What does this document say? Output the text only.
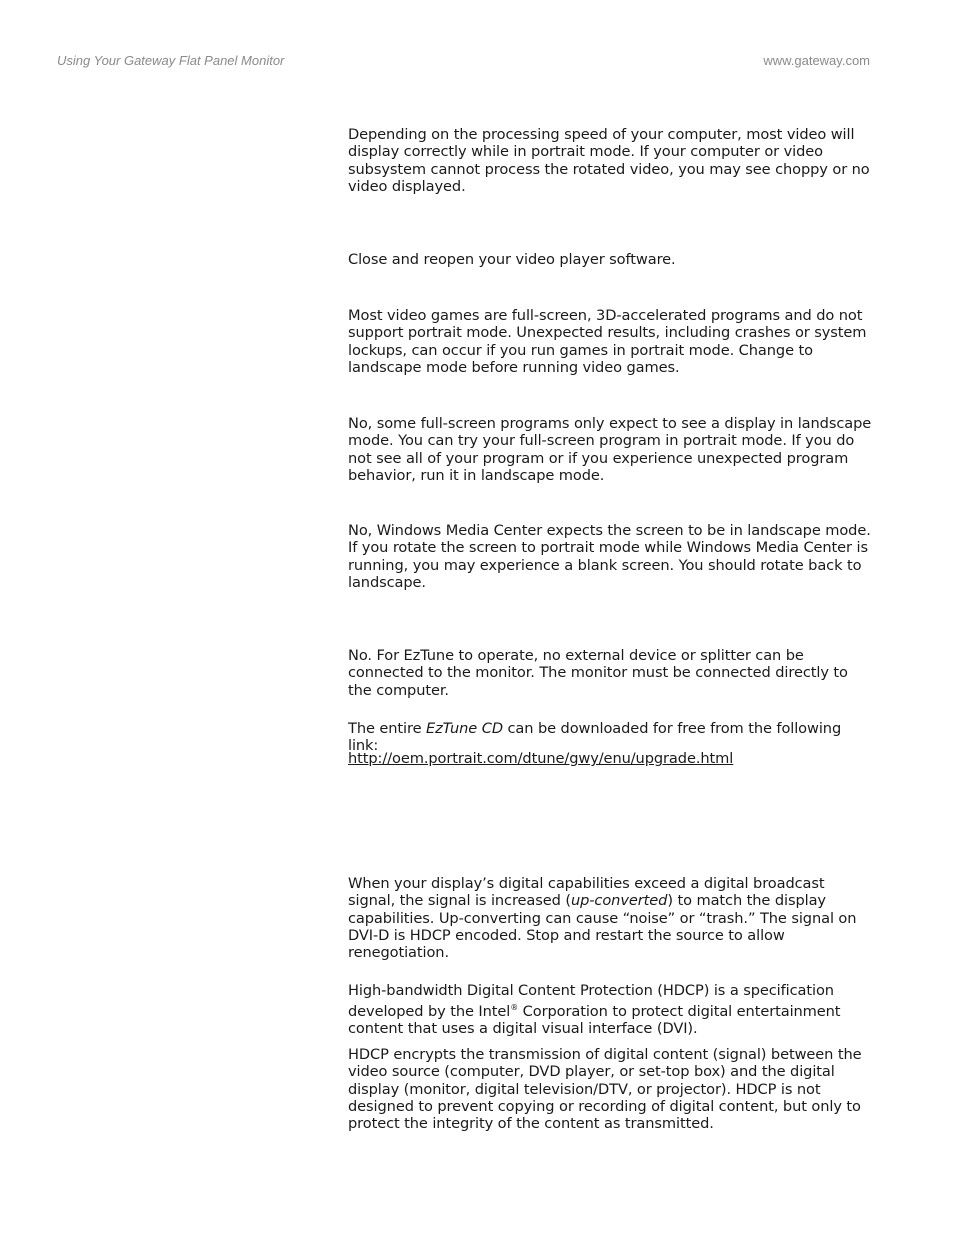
Using Your Gateway Flat Panel Monitor	www.gateway.com

Depending on the processing speed of your computer, most video will display correctly while in portrait mode. If your computer or video subsystem cannot process the rotated video, you may see choppy or no video displayed.

Close and reopen your video player software.

Most video games are full-screen, 3D-accelerated programs and do not support portrait mode. Unexpected results, including crashes or system lockups, can occur if you run games in portrait mode. Change to landscape mode before running video games.

No, some full-screen programs only expect to see a display in landscape mode. You can try your full-screen program in portrait mode. If you do not see all of your program or if you experience unexpected program behavior, run it in landscape mode.

No, Windows Media Center expects the screen to be in landscape mode. If you rotate the screen to portrait mode while Windows Media Center is running, you may experience a blank screen. You should rotate back to landscape.

No. For EzTune to operate, no external device or splitter can be connected to the monitor. The monitor must be connected directly to the computer.

The entire EzTune CD can be downloaded for free from the following link:

http://oem.portrait.com/dtune/gwy/enu/upgrade.html

When your display’s digital capabilities exceed a digital broadcast signal, the signal is increased (up-converted) to match the display capabilities. Up-converting can cause “noise” or “trash.” The signal on DVI-D is HDCP encoded. Stop and restart the source to allow renegotiation.

High-bandwidth Digital Content Protection (HDCP) is a specification developed by the Intel® Corporation to protect digital entertainment content that uses a digital visual interface (DVI).

HDCP encrypts the transmission of digital content (signal) between the video source (computer, DVD player, or set-top box) and the digital display (monitor, digital television/DTV, or projector). HDCP is not designed to prevent copying or recording of digital content, but only to protect the integrity of the content as transmitted.
